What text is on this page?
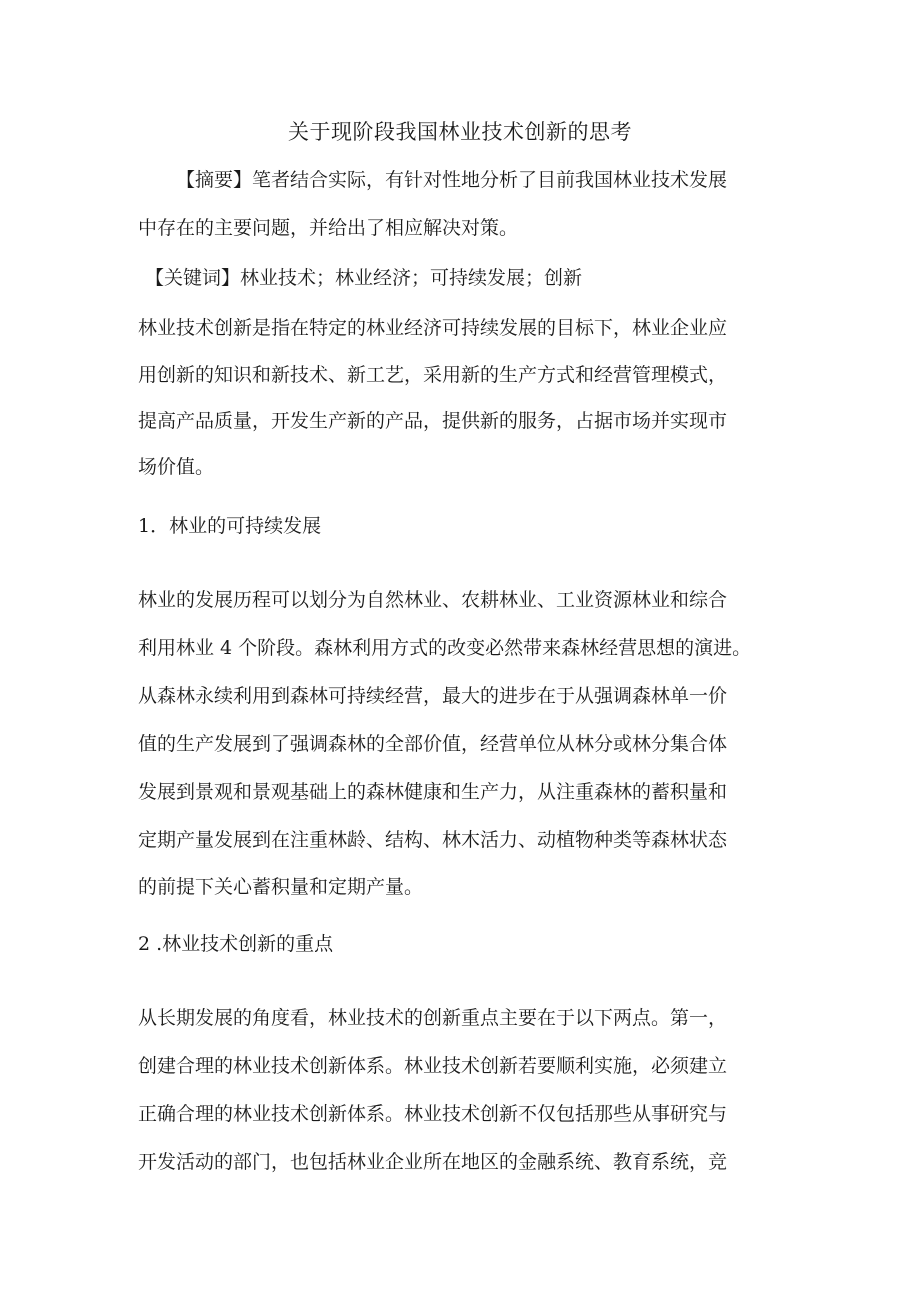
关于现阶段我国林业技术创新的思考
【摘要】笔者结合实际，有针对性地分析了目前我国林业技术发展
中存在的主要问题，并给出了相应解决对策。
【关键词】林业技术；林业经济；可持续发展；创新
林业技术创新是指在特定的林业经济可持续发展的目标下，林业企业应
用创新的知识和新技术、新工艺，采用新的生产方式和经营管理模式，
提高产品质量，开发生产新的产品，提供新的服务，占据市场并实现市
场价值。
1．林业的可持续发展
林业的发展历程可以划分为自然林业、农耕林业、工业资源林业和综合
利用林业 4 个阶段。森林利用方式的改变必然带来森林经营思想的演进。
从森林永续利用到森林可持续经营，最大的进步在于从强调森林单一价
值的生产发展到了强调森林的全部价值，经营单位从林分或林分集合体
发展到景观和景观基础上的森林健康和生产力，从注重森林的蓄积量和
定期产量发展到在注重林龄、结构、林木活力、动植物种类等森林状态
的前提下关心蓄积量和定期产量。
2 .林业技术创新的重点
从长期发展的角度看，林业技术的创新重点主要在于以下两点。第一，
创建合理的林业技术创新体系。林业技术创新若要顺利实施，必须建立
正确合理的林业技术创新体系。林业技术创新不仅包括那些从事研究与
开发活动的部门，也包括林业企业所在地区的金融系统、教育系统，竞
